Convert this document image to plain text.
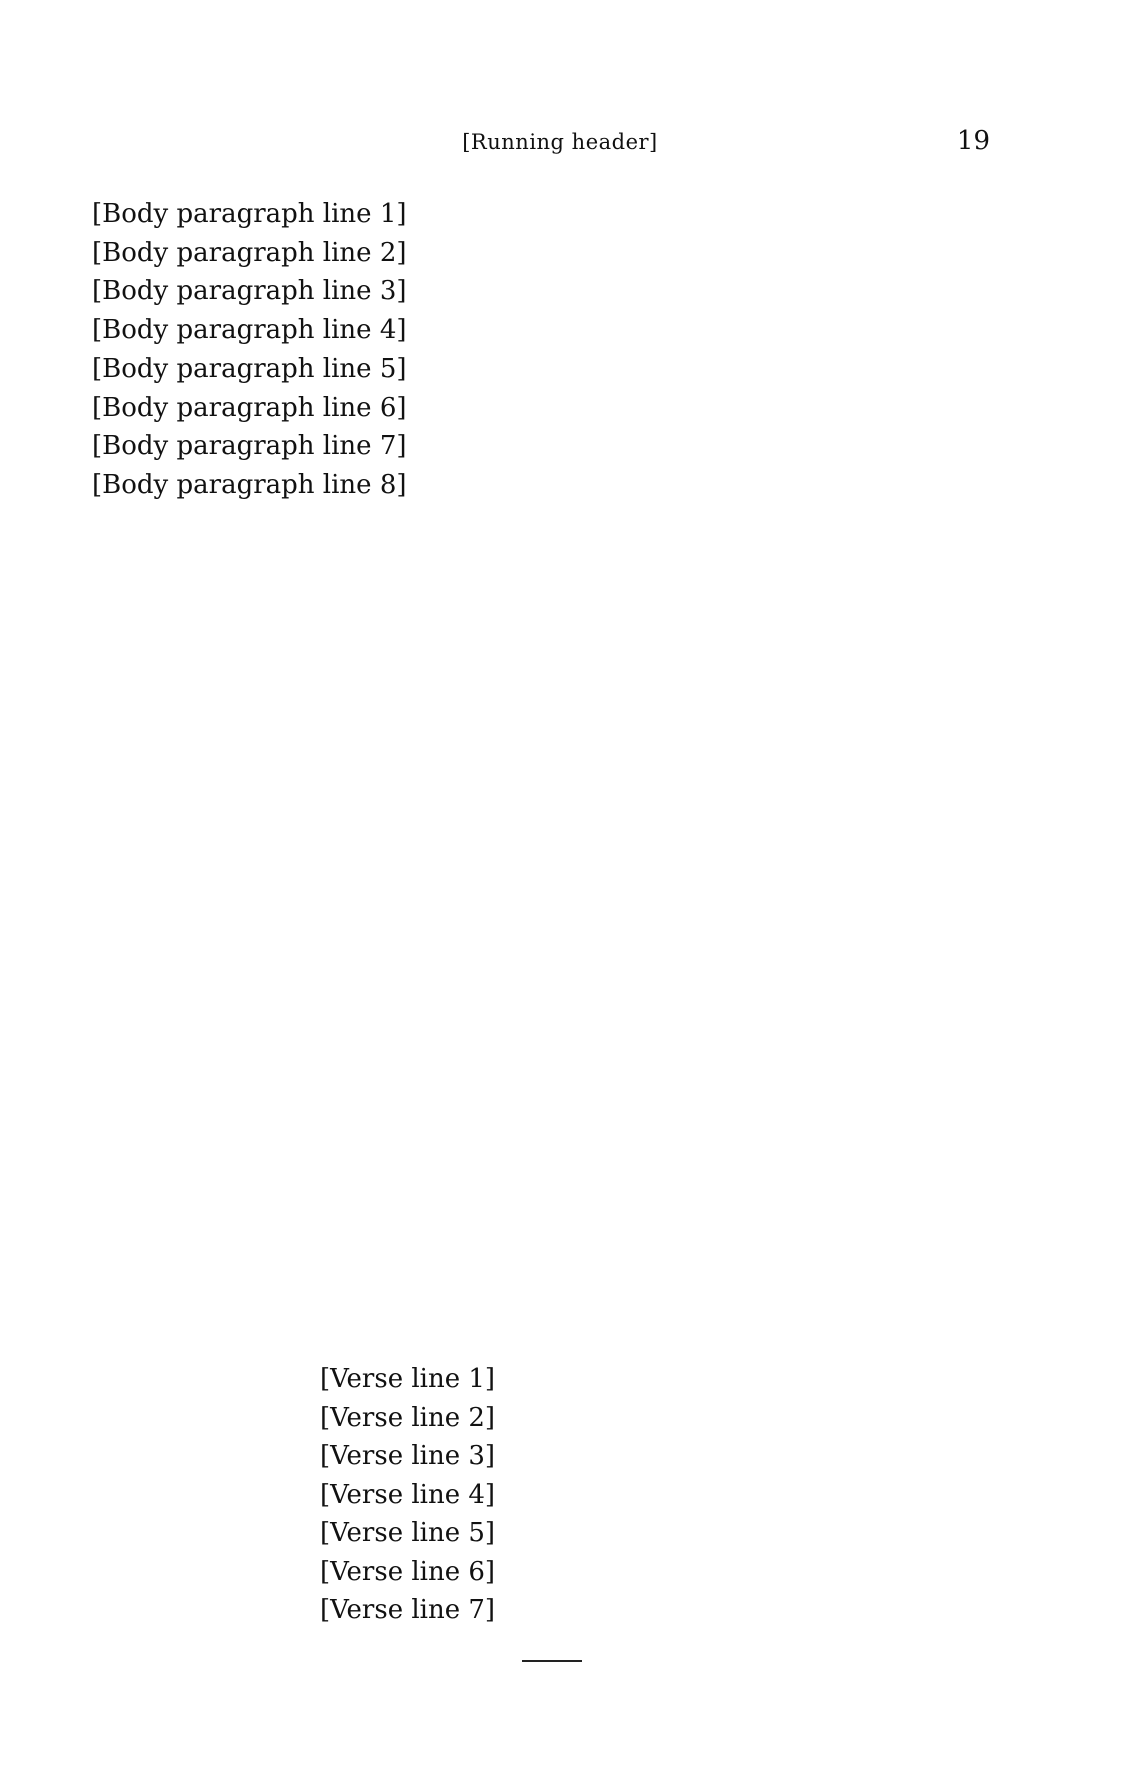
[Running header]	19

[Body paragraph line 1]

[Body paragraph line 2]

[Body paragraph line 3]

[Body paragraph line 4]

[Body paragraph line 5]

[Body paragraph line 6]

[Body paragraph line 7]

[Body paragraph line 8]

[Verse line 1]
[Verse line 2]
[Verse line 3]
[Verse line 4]
[Verse line 5]
[Verse line 6]
[Verse line 7]
